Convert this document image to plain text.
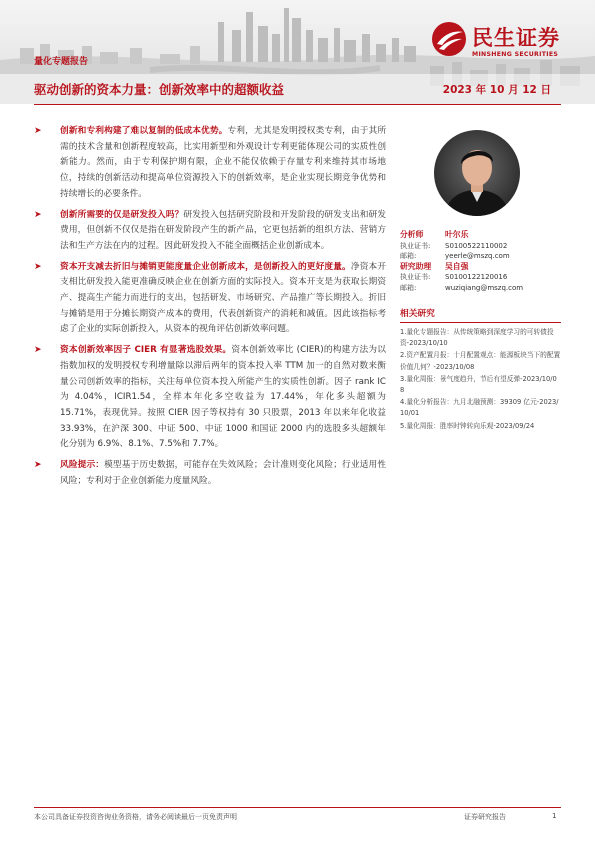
量化专题报告
民生证券
MINSHENG SECURITIES
驱动创新的资本力量：创新效率中的超额收益	2023 年 10 月 12 日
➤ 创新和专利构建了难以复制的低成本优势。专利，尤其是发明授权类专利，由于其所需的技术含量和创新程度较高，比实用新型和外观设计专利更能体现公司的实质性创新能力。然而，由于专利保护期有限，企业不能仅依赖于存量专利来维持其市场地位，持续的创新活动和提高单位资源投入下的创新效率，是企业实现长期竞争优势和持续增长的必要条件。
➤ 创新所需要的仅是研发投入吗？研发投入包括研究阶段和开发阶段的研发支出和研发费用，但创新不仅仅是指在研发阶段产生的新产品，它更包括新的组织方法、营销方法和生产方法在内的过程。因此研发投入不能全面概括企业创新成本。
➤ 资本开支减去折旧与摊销更能度量企业创新成本，是创新投入的更好度量。净资本开支相比研发投入能更准确反映企业在创新方面的实际投入。资本开支是为获取长期资产、提高生产能力而进行的支出，包括研发、市场研究、产品推广等长期投入。折旧与摊销是用于分摊长期资产成本的费用，代表创新资产的消耗和减值。因此该指标考虑了企业的实际创新投入，从资本的视角评估创新效率问题。
➤ 资本创新效率因子 CIER 有显著选股效果。资本创新效率比 (CIER)的构建方法为以指数加权的发明授权专利增量除以滞后两年的资本投入率 TTM 加一的自然对数来衡量公司创新效率的指标，关注每单位资本投入所能产生的实质性创新。因子 rank IC 为 4.04%，ICIR1.54，全样本年化多空收益为 17.44%，年化多头超额为 15.71%，表现优异。按照 CIER 因子等权持有 30 只股票，2013 年以来年化收益 33.93%，在沪深 300、中证 500、中证 1000 和国证 2000 内的选股多头超额年化分别为 6.9%、8.1%、7.5%和 7.7%。
➤ 风险提示：模型基于历史数据，可能存在失效风险；会计准则变化风险；行业适用性风险；专利对于企业创新能力度量风险。
分析师	叶尔乐
执业证书:	S0100522110002
邮箱:	yeerle@mszq.com
研究助理	吴自强
执业证书:	S0100122120016
邮箱:	wuziqiang@mszq.com
相关研究
1.量化专题报告：从传统策略到深度学习的可转债投资-2023/10/10
2.资产配置月报：十月配置观点：能源板块当下的配置价值几何？-2023/10/08
3.量化周报：景气度趋升，节后有望反弹-2023/10/08
4.量化分析报告：九月北融预测：39309 亿元-2023/10/01
5.量化周报：胜率时钟转向乐观-2023/09/24
本公司具备证券投资咨询业务资格，请务必阅读最后一页免责声明	证券研究报告	1
